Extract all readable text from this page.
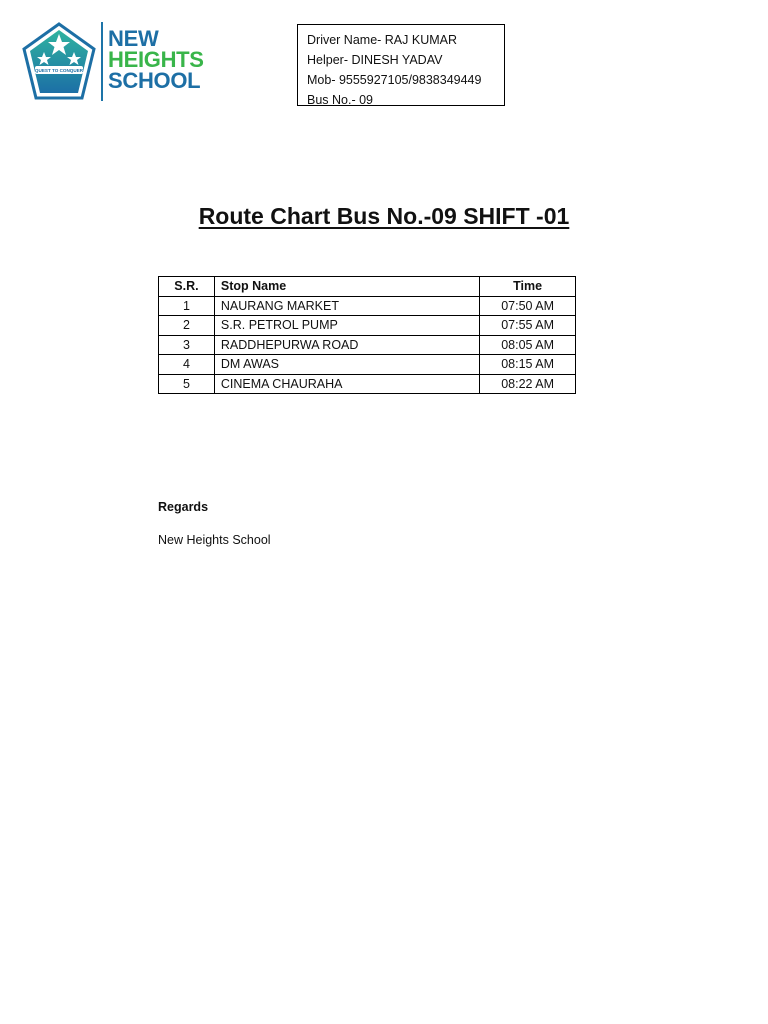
QUEST TO CONQUER
NEW
HEIGHTS
SCHOOL
Driver Name- RAJ KUMAR
Helper- DINESH YADAV
Mob- 9555927105/9838349449
Bus No.- 09
Route Chart Bus No.-09 SHIFT -01
S.R.	Stop Name	Time
1	NAURANG MARKET	07:50 AM
2	S.R. PETROL PUMP	07:55 AM
3	RADDHEPURWA ROAD	08:05 AM
4	DM AWAS	08:15 AM
5	CINEMA CHAURAHA	08:22 AM
Regards
New Heights School
